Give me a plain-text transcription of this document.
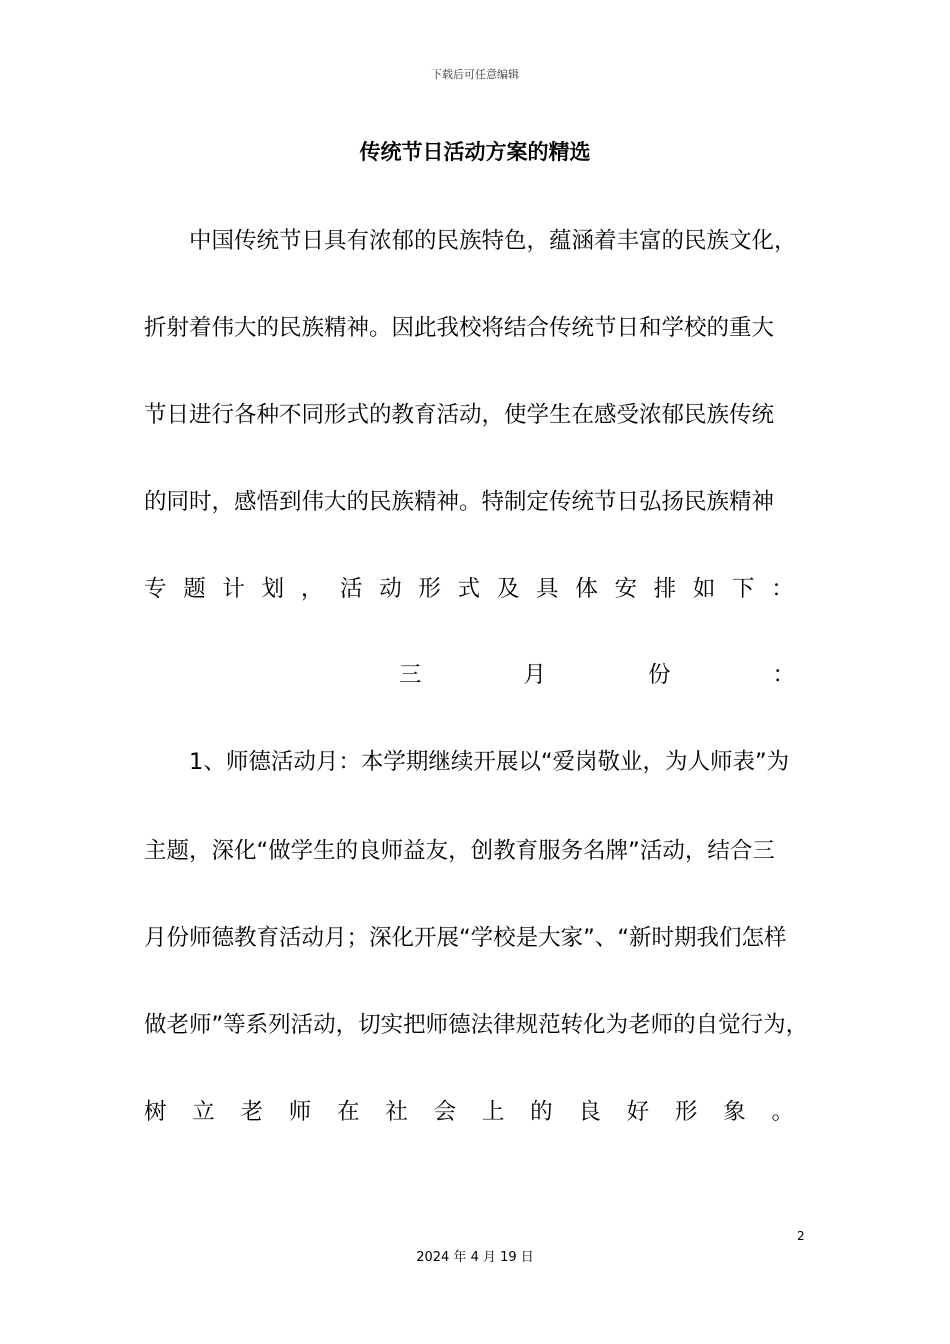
下载后可任意编辑
传统节日活动方案的精选
中国传统节日具有浓郁的民族特色，蕴涵着丰富的民族文化，
折射着伟大的民族精神。因此我校将结合传统节日和学校的重大
节日进行各种不同形式的教育活动，使学生在感受浓郁民族传统
的同时，感悟到伟大的民族精神。特制定传统节日弘扬民族精神
专 题 计 划 ， 活 动 形 式 及 具 体 安 排 如 下 ：
三	月	份	：
1、师德活动月：本学期继续开展以“爱岗敬业，为人师表”为
主题，深化“做学生的良师益友，创教育服务名牌”活动，结合三
月份师德教育活动月；深化开展“学校是大家”、“新时期我们怎样
做老师”等系列活动，切实把师德法律规范转化为老师的自觉行为，
树 立 老 师 在 社 会 上 的 良 好 形 象 。
2
2024 年 4 月 19 日
